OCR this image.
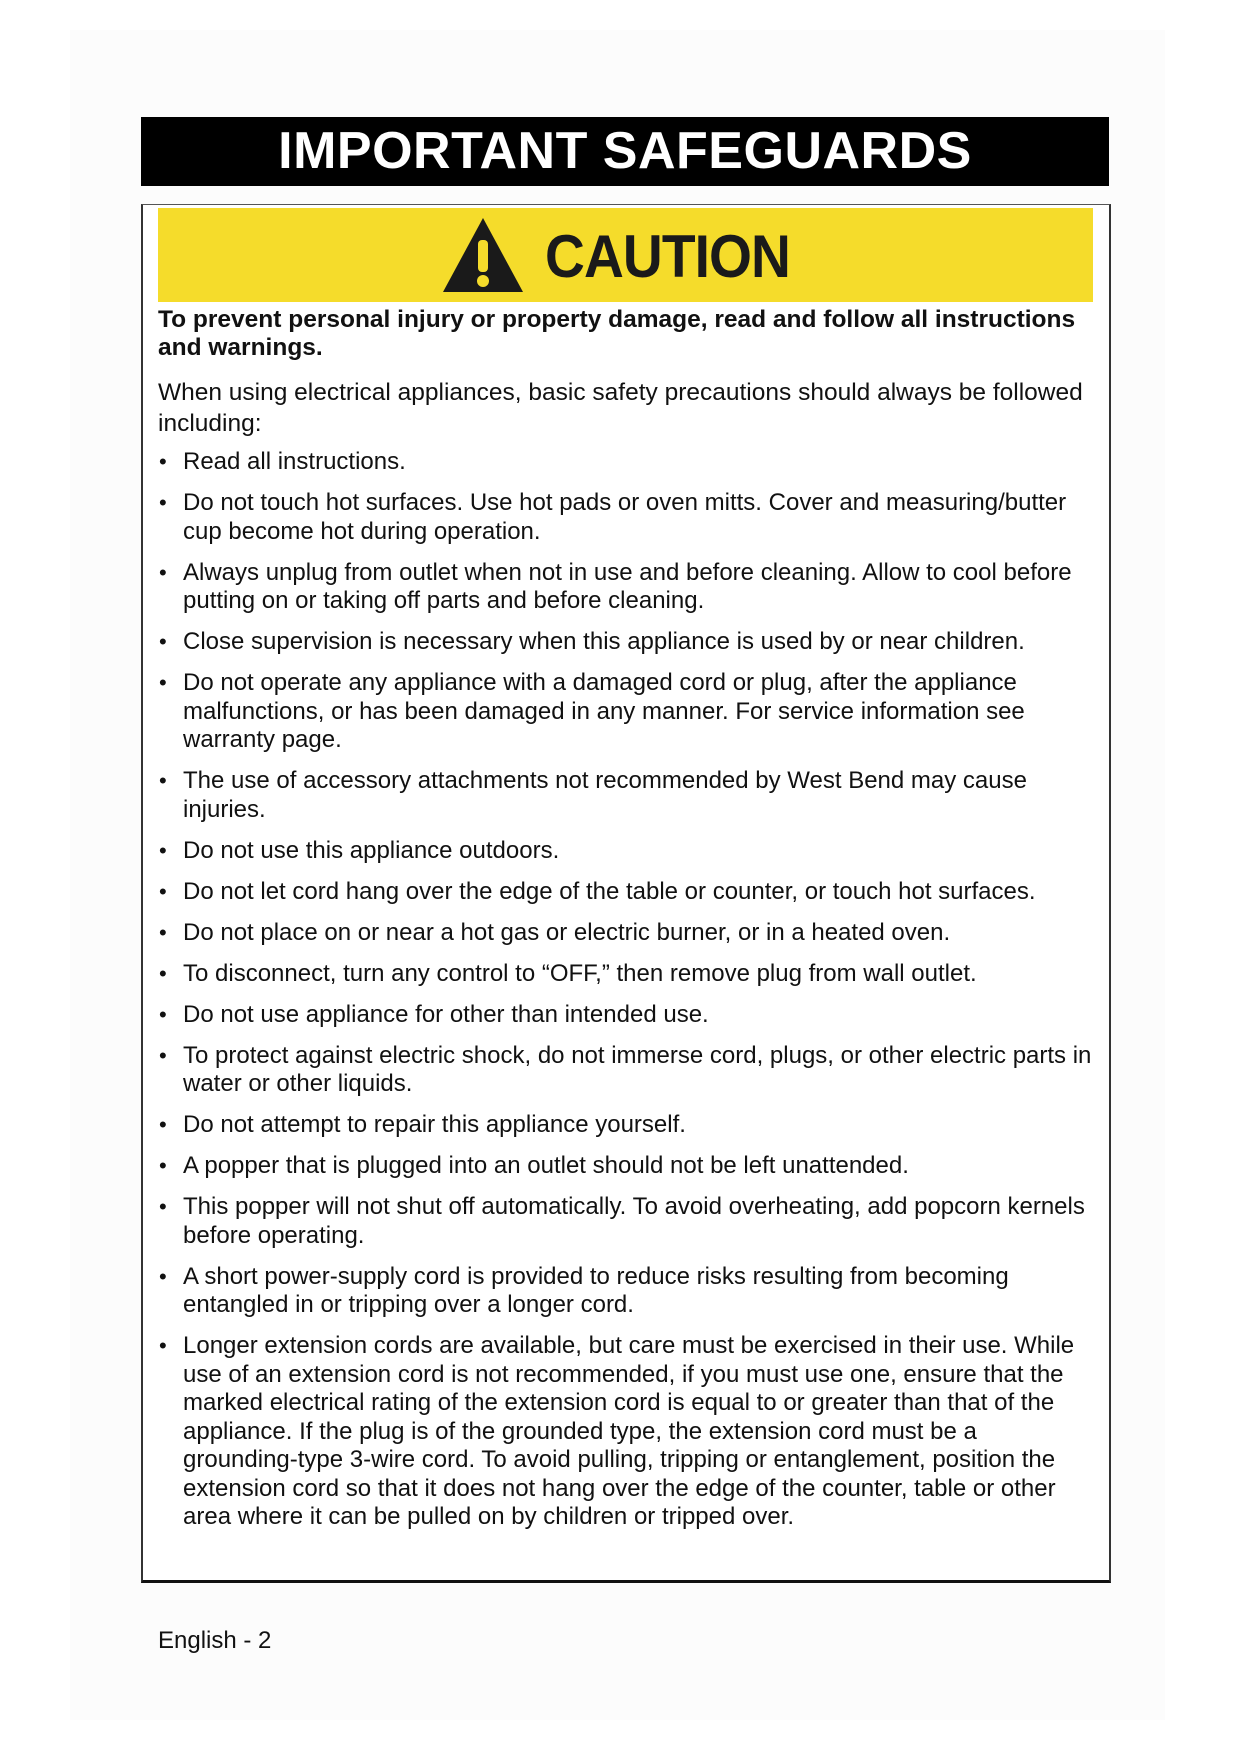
IMPORTANT SAFEGUARDS
CAUTION

To prevent personal injury or property damage, read and follow all instructions and warnings.

When using electrical appliances, basic safety precautions should always be followed including:

• Read all instructions.
• Do not touch hot surfaces. Use hot pads or oven mitts. Cover and measuring/butter cup become hot during operation.
• Always unplug from outlet when not in use and before cleaning. Allow to cool before putting on or taking off parts and before cleaning.
• Close supervision is necessary when this appliance is used by or near children.
• Do not operate any appliance with a damaged cord or plug, after the appliance malfunctions, or has been damaged in any manner. For service information see warranty page.
• The use of accessory attachments not recommended by West Bend may cause injuries.
• Do not use this appliance outdoors.
• Do not let cord hang over the edge of the table or counter, or touch hot surfaces.
• Do not place on or near a hot gas or electric burner, or in a heated oven.
• To disconnect, turn any control to “OFF,” then remove plug from wall outlet.
• Do not use appliance for other than intended use.
• To protect against electric shock, do not immerse cord, plugs, or other electric parts in water or other liquids.
• Do not attempt to repair this appliance yourself.
• A popper that is plugged into an outlet should not be left unattended.
• This popper will not shut off automatically. To avoid overheating, add popcorn kernels before operating.
• A short power-supply cord is provided to reduce risks resulting from becoming entangled in or tripping over a longer cord.
• Longer extension cords are available, but care must be exercised in their use. While use of an extension cord is not recommended, if you must use one, ensure that the marked electrical rating of the extension cord is equal to or greater than that of the appliance. If the plug is of the grounded type, the extension cord must be a grounding-type 3-wire cord. To avoid pulling, tripping or entanglement, position the extension cord so that it does not hang over the edge of the counter, table or other area where it can be pulled on by children or tripped over.
English - 2
